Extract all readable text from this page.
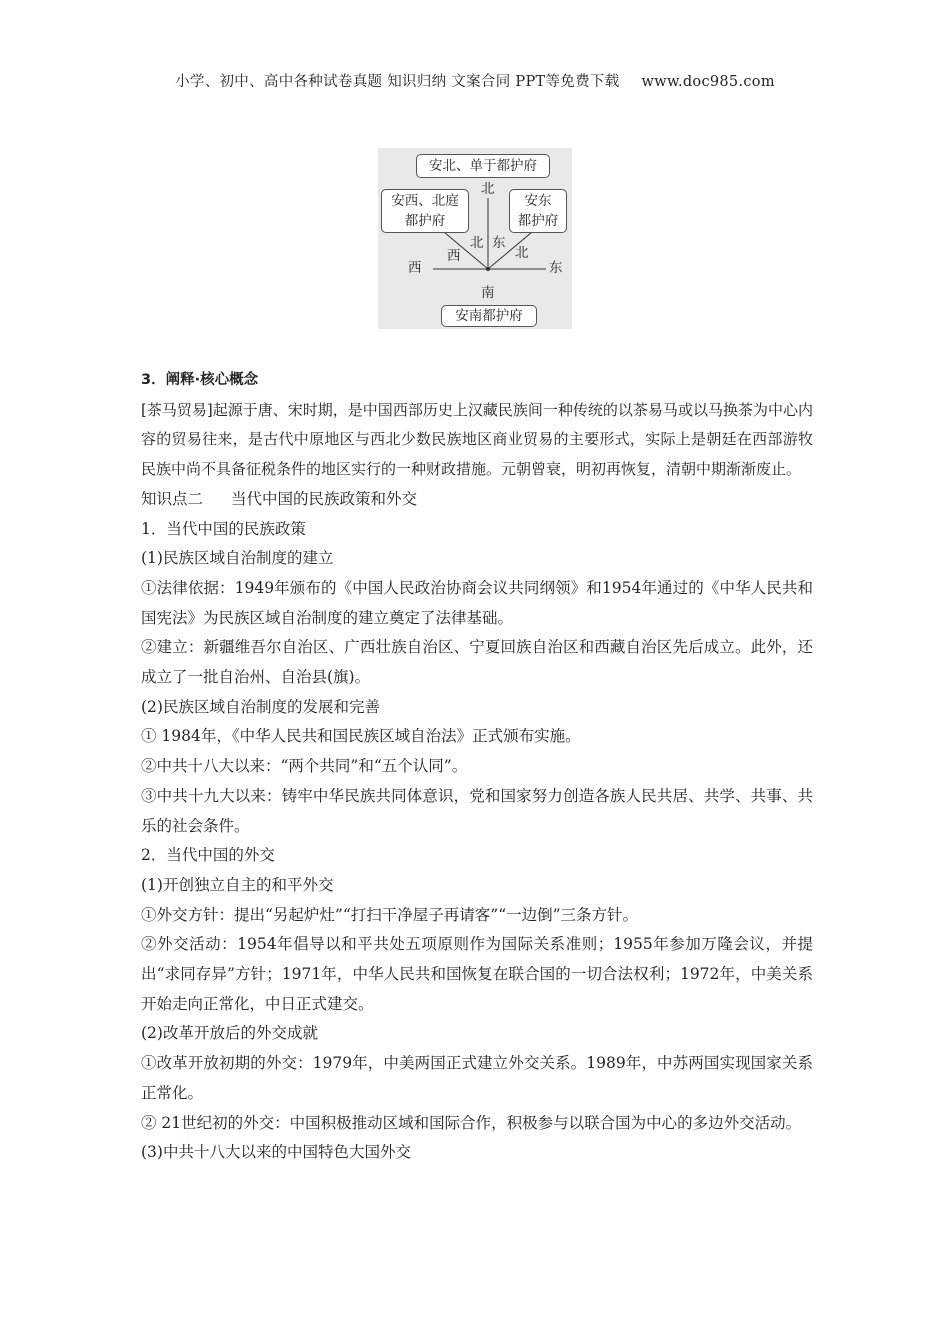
小学、初中、高中各种试卷真题 知识归纳 文案合同 PPT等免费下载 www.doc985.com
安北、单于都护府
安西、北庭
都护府
安东
都护府
安南都护府
北
南
西	东
北 东
西	北

3．阐释·核心概念

[茶马贸易]起源于唐、宋时期，是中国西部历史上汉藏民族间一种传统的以茶易马或以马换茶为中心内容的贸易往来，是古代中原地区与西北少数民族地区商业贸易的主要形式，实际上是朝廷在西部游牧民族中尚不具备征税条件的地区实行的一种财政措施。元朝曾衰，明初再恢复，清朝中期渐渐废止。

知识点二 当代中国的民族政策和外交

1．当代中国的民族政策

(1)民族区域自治制度的建立

①法律依据：1949年颁布的《中国人民政治协商会议共同纲领》和1954年通过的《中华人民共和国宪法》为民族区域自治制度的建立奠定了法律基础。

②建立：新疆维吾尔自治区、广西壮族自治区、宁夏回族自治区和西藏自治区先后成立。此外，还成立了一批自治州、自治县(旗)。

(2)民族区域自治制度的发展和完善

① 1984年，《中华人民共和国民族区域自治法》正式颁布实施。

②中共十八大以来：“两个共同”和“五个认同”。

③中共十九大以来：铸牢中华民族共同体意识，党和国家努力创造各族人民共居、共学、共事、共乐的社会条件。

2．当代中国的外交

(1)开创独立自主的和平外交

①外交方针：提出“另起炉灶”“打扫干净屋子再请客”“一边倒”三条方针。

②外交活动：1954年倡导以和平共处五项原则作为国际关系准则；1955年参加万隆会议，并提出“求同存异”方针；1971年，中华人民共和国恢复在联合国的一切合法权利；1972年，中美关系开始走向正常化，中日正式建交。

(2)改革开放后的外交成就

①改革开放初期的外交：1979年，中美两国正式建立外交关系。1989年，中苏两国实现国家关系正常化。

② 21世纪初的外交：中国积极推动区域和国际合作，积极参与以联合国为中心的多边外交活动。

(3)中共十八大以来的中国特色大国外交
